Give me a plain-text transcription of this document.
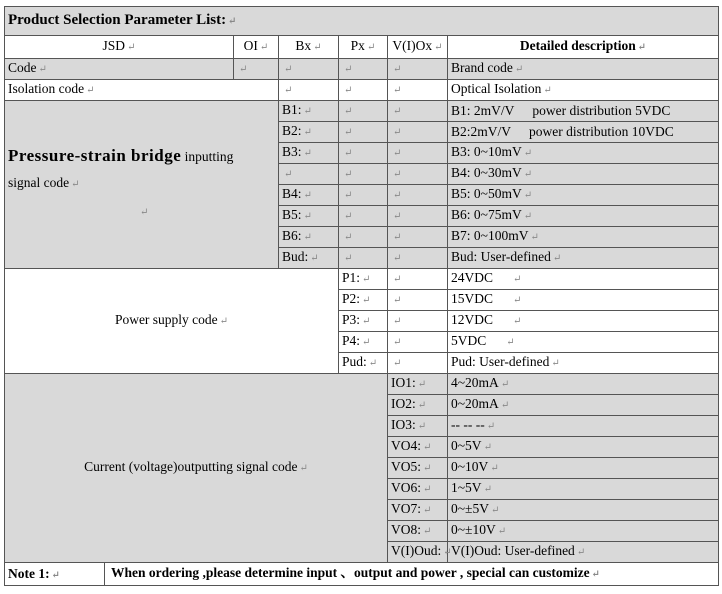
Product Selection Parameter List: ↵					
JSD ↵	OI ↵	Bx ↵	Px ↵	V(I)Ox ↵	Detailed description ↵
Code ↵	↵	↵	↵	↵	Brand code ↵
Isolation code ↵		↵	↵	↵	Optical Isolation ↵

Pressure-strain bridge inputting
signal code ↵
↵		B1: ↵	↵	↵	B1: 2mV/V power distribution 5VDC
		B2: ↵	↵	↵	B2:2mV/V power distribution 10VDC
		B3: ↵	↵	↵	B3: 0~10mV ↵
		↵	↵	↵	B4: 0~30mV ↵
		B4: ↵	↵	↵	B5: 0~50mV ↵
		B5: ↵	↵	↵	B6: 0~75mV ↵
		B6: ↵	↵	↵	B7: 0~100mV ↵
		Bud: ↵	↵	↵	Bud: User-defined ↵
Power supply code ↵			P1: ↵	↵	24VDC ↵
			P2: ↵	↵	15VDC ↵
			P3: ↵	↵	12VDC ↵
			P4: ↵	↵	5VDC ↵
			Pud: ↵	↵	Pud: User-defined ↵
Current (voltage)outputting signal code ↵				IO1: ↵	4~20mA ↵
				IO2: ↵	0~20mA ↵
				IO3: ↵	-- -- -- ↵
				VO4: ↵	0~5V ↵
				VO5: ↵	0~10V ↵
				VO6: ↵	1~5V ↵
				VO7: ↵	0~±5V ↵
				VO8: ↵	0~±10V ↵
				V(I)Oud: ↵	V(I)Oud: User-defined ↵

Note 1: ↵ When ordering ,please determine input 、output and power , special can customize ↵					
